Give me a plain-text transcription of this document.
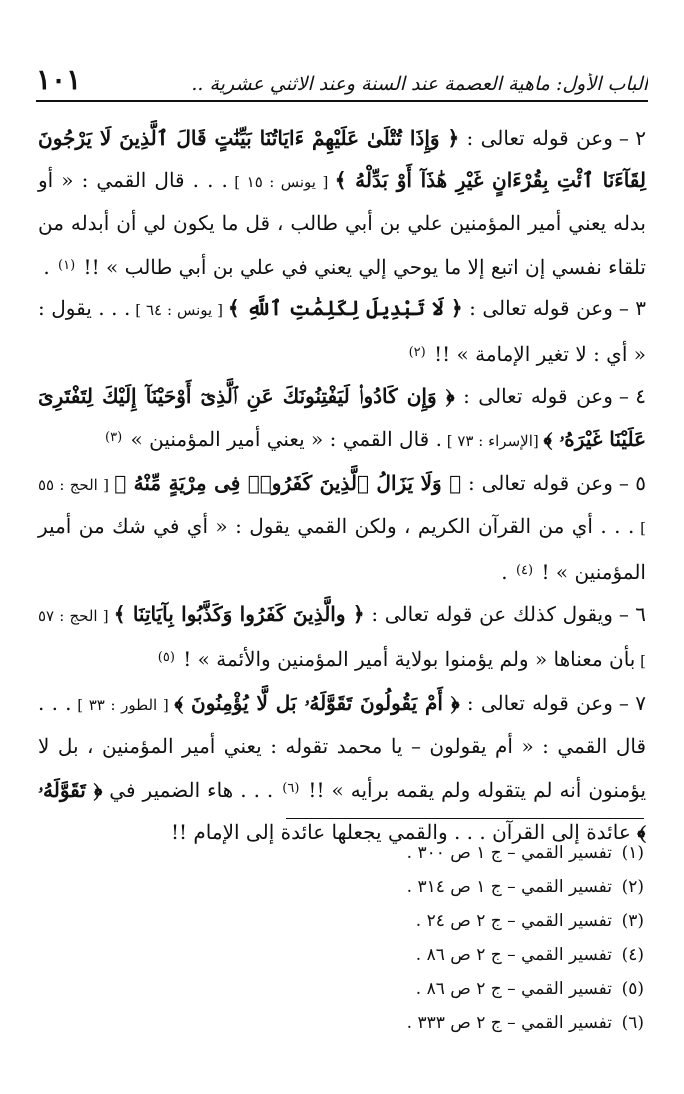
الباب الأول: ماهية العصمة عند السنة وعند الاثني عشرية ..
١٠١

٢ –وعن قوله تعالى : ﴿ وَإِذَا تُتْلَىٰ عَلَيْهِمْ ءَايَاتُنَا بَيِّنَٰتٍ قَالَ ٱلَّذِينَ لَا يَرْجُونَ لِقَآءَنَا ٱئْتِ بِقُرْءَانٍ غَيْرِ هَٰذَآ أَوْ بَدِّلْهُ ﴾ [ يونس : ١٥ ] . . . قال القمي : « أو بدله يعني أمير المؤمنين علي بن أبي طالب ، قل ما يكون لي أن أبدله من تلقاء نفسي إن اتبع إلا ما يوحي إلي يعني في علي بن أبي طالب » !! $^{(١)}$ .

٣ –وعن قوله تعالى : ﴿ لَا تَبْدِيلَ لِكَلِمَٰتِ ٱللَّهِ ﴾ [ يونس : ٦٤ ] . . . يقول : « أي : لا تغير الإمامة » !! $^{(٢)}$

٤ –وعن قوله تعالى : ﴿ وَإِن كَادُوا۟ لَيَفْتِنُونَكَ عَنِ ٱلَّذِىٓ أَوْحَيْنَآ إِلَيْكَ لِتَفْتَرِىَ عَلَيْنَا غَيْرَهُۥ ﴾ [الإسراء : ٧٣ ] . قال القمي : « يعني أمير المؤمنين » $^{(٣)}$

٥ –وعن قوله تعالى : ﴿ وَلَا يَزَالُ ٱلَّذِينَ كَفَرُوا۟ فِى مِرْيَةٍ مِّنْهُ ﴾ [ الحج : ٥٥ ] . . . أي من القرآن الكريم ، ولكن القمي يقول : « أي في شك من أمير المؤمنين » ! $^{(٤)}$ .

٦ –ويقول كذلك عن قوله تعالى : ﴿ والَّذِينَ كَفَرُوا وَكَذَّبُوا بِآيَاتِنَا ﴾ [ الحج : ٥٧ ] بأن معناها « ولم يؤمنوا بولاية أمير المؤمنين والأئمة » ! $^{(٥)}$

٧ –وعن قوله تعالى : ﴿ أَمْ يَقُولُونَ تَقَوَّلَهُۥ بَل لَّا يُؤْمِنُونَ ﴾ [ الطور : ٣٣ ] . . . قال القمي : « أم يقولون – يا محمد تقوله : يعني أمير المؤمنين ، بل لا يؤمنون أنه لم يتقوله ولم يقمه برأيه » !! $^{(٦)}$ . . . هاء الضمير في ﴿ تَقَوَّلَهُۥ ﴾ عائدة إلى القرآن . . . والقمي يجعلها عائدة إلى الإمام !!

(١)
تفسير القمي – ج ١ ص ٣٠٠ .
(٢)
تفسير القمي – ج ١ ص ٣١٤ .
(٣)
تفسير القمي – ج ٢ ص ٢٤ .
(٤)
تفسير القمي – ج ٢ ص ٨٦ .
(٥)
تفسير القمي – ج ٢ ص ٨٦ .
(٦)
تفسير القمي – ج ٢ ص ٣٣٣ .
